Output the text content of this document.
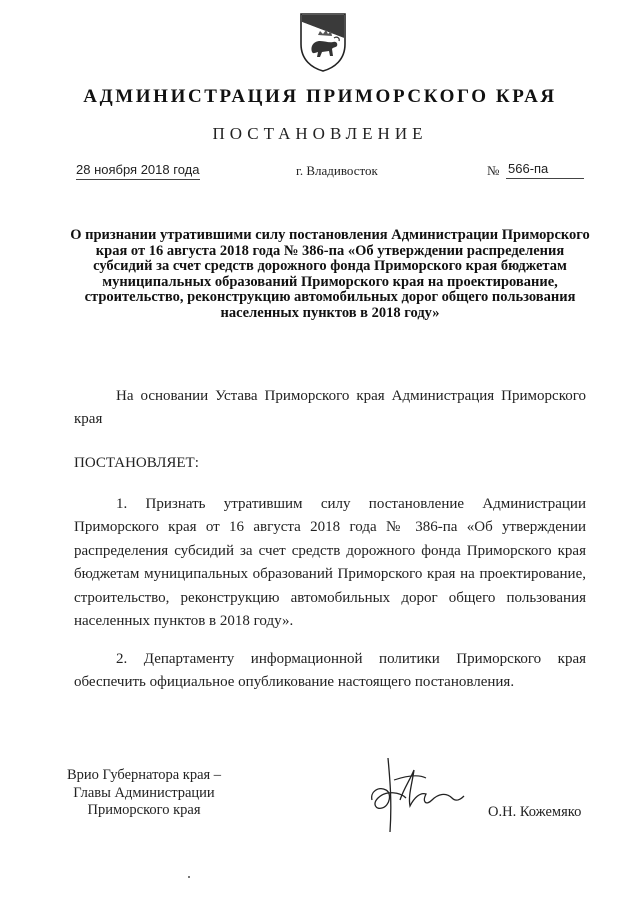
АДМИНИСТРАЦИЯ ПРИМОРСКОГО КРАЯ
ПОСТАНОВЛЕНИЕ
28 ноября 2018 года	г. Владивосток	№ 566-па
О признании утратившими силу постановления Администрации Приморского края от 16 августа 2018 года № 386-па «Об утверждении распределения субсидий за счет средств дорожного фонда Приморского края бюджетам муниципальных образований Приморского края на проектирование, строительство, реконструкцию автомобильных дорог общего пользования населенных пунктов в 2018 году»
На основании Устава Приморского края Администрация Приморского края
ПОСТАНОВЛЯЕТ:
1. Признать утратившим силу постановление Администрации Приморского края от 16 августа 2018 года № 386-па «Об утверждении распределения субсидий за счет средств дорожного фонда Приморского края бюджетам муниципальных образований Приморского края на проектирование, строительство, реконструкцию автомобильных дорог общего пользования населенных пунктов в 2018 году».
2. Департаменту информационной политики Приморского края обеспечить официальное опубликование настоящего постановления.
Врио Губернатора края –
Главы Администрации
Приморского края	О.Н. Кожемяко
